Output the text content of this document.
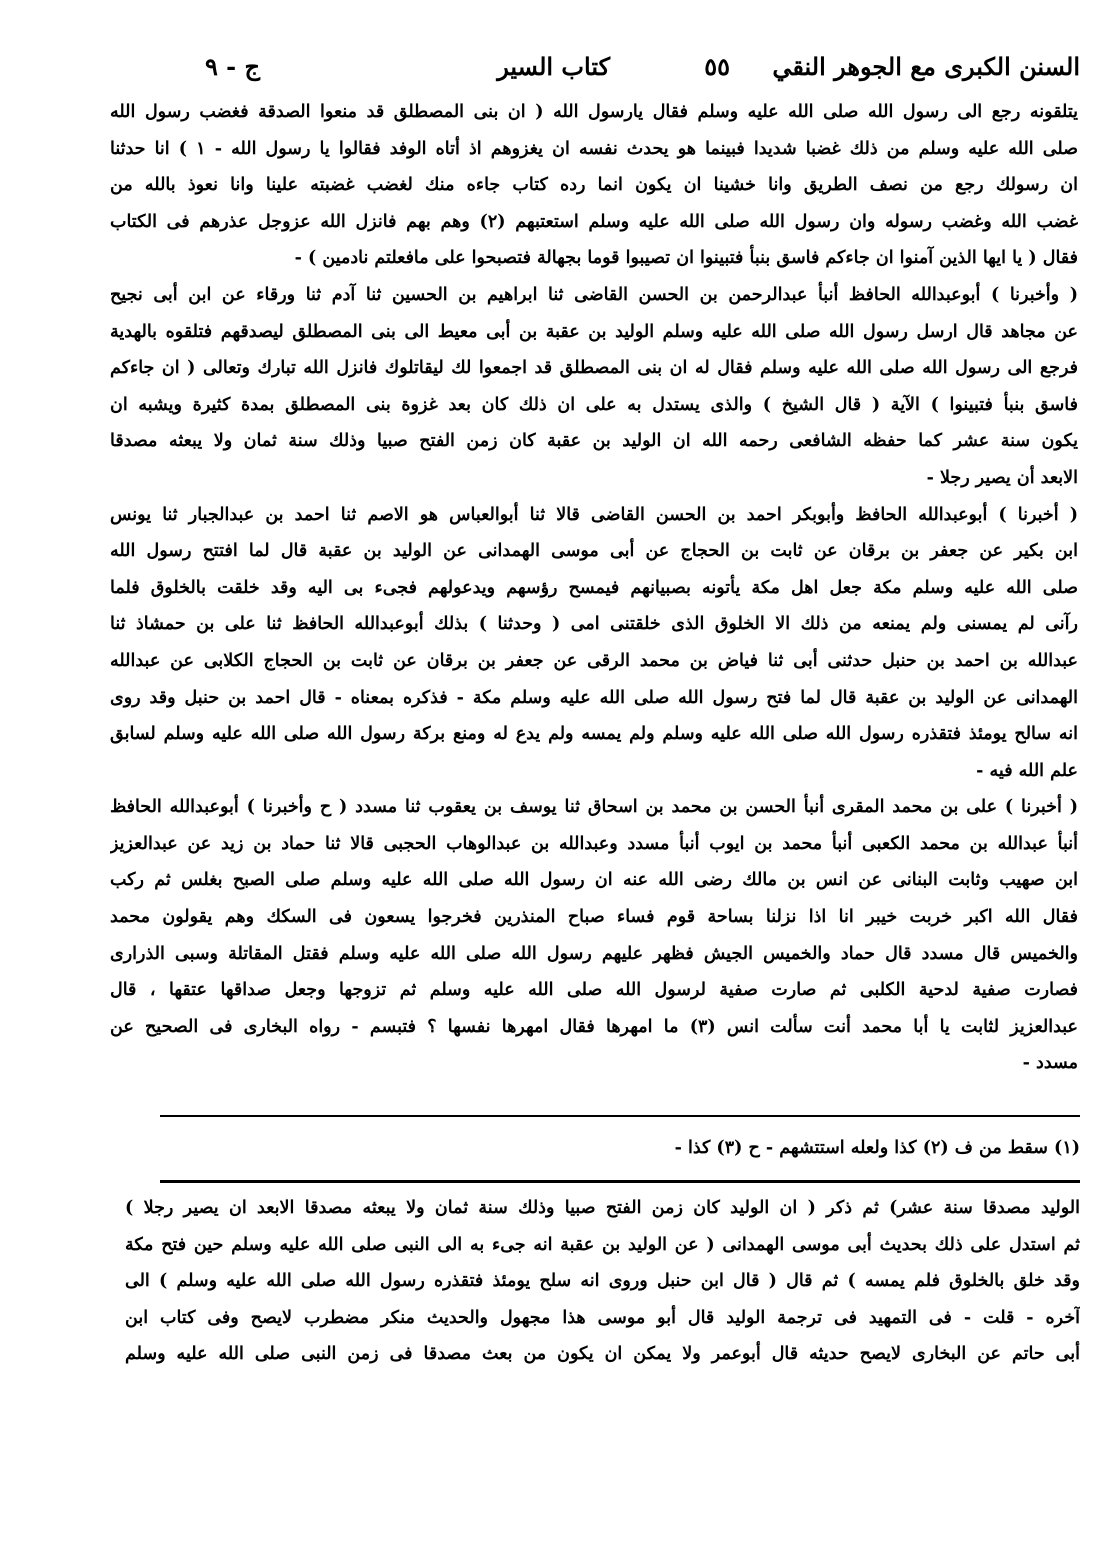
السنن الكبرى مع الجوهر النقي
٥٥
كتاب السير
ج - ٩
يتلقونه رجع الى رسول الله صلى الله عليه وسلم فقال يارسول الله ( ان بنى المصطلق قد منعوا الصدقة فغضب رسول الله
صلى الله عليه وسلم من ذلك غضبا شديدا فبينما هو يحدث نفسه ان يغزوهم اذ أتاه الوفد فقالوا يا رسول الله - ١ ) انا حدثنا
ان رسولك رجع من نصف الطريق وانا خشينا ان يكون انما رده كتاب جاءه منك لغضب غضبته علينا وانا نعوذ بالله من
غضب الله وغضب رسوله وان رسول الله صلى الله عليه وسلم استعتبهم (٢) وهم بهم فانزل الله عزوجل عذرهم فى الكتاب
فقال ( يا ايها الذين آمنوا ان جاءكم فاسق بنبأ فتبينوا ان تصيبوا قوما بجهالة فتصبحوا على مافعلتم نادمين ) -
( وأخبرنا ) أبوعبدالله الحافظ أنبأ عبدالرحمن بن الحسن القاضى ثنا ابراهيم بن الحسين ثنا آدم ثنا ورقاء عن ابن أبى نجيح
عن مجاهد قال ارسل رسول الله صلى الله عليه وسلم الوليد بن عقبة بن أبى معيط الى بنى المصطلق ليصدقهم فتلقوه بالهدية
فرجع الى رسول الله صلى الله عليه وسلم فقال له ان بنى المصطلق قد اجمعوا لك ليقاتلوك فانزل الله تبارك وتعالى ( ان جاءكم
فاسق بنبأ فتبينوا ) الآية ( قال الشيخ ) والذى يستدل به على ان ذلك كان بعد غزوة بنى المصطلق بمدة كثيرة ويشبه ان
يكون سنة عشر كما حفظه الشافعى رحمه الله ان الوليد بن عقبة كان زمن الفتح صبيا وذلك سنة ثمان ولا يبعثه مصدقا
الابعد أن يصير رجلا -
( أخبرنا ) أبوعبدالله الحافظ وأبوبكر احمد بن الحسن القاضى قالا ثنا أبوالعباس هو الاصم ثنا احمد بن عبدالجبار ثنا يونس
ابن بكير عن جعفر بن برقان عن ثابت بن الحجاج عن أبى موسى الهمدانى عن الوليد بن عقبة قال لما افتتح رسول الله
صلى الله عليه وسلم مكة جعل اهل مكة يأتونه بصبيانهم فيمسح رؤسهم ويدعولهم فجىء بى اليه وقد خلقت بالخلوق فلما
رآنى لم يمسنى ولم يمنعه من ذلك الا الخلوق الذى خلقتنى امى ( وحدثنا ) بذلك أبوعبدالله الحافظ ثنا على بن حمشاذ ثنا
عبدالله بن احمد بن حنبل حدثنى أبى ثنا فياض بن محمد الرقى عن جعفر بن برقان عن ثابت بن الحجاج الكلابى عن عبدالله
الهمدانى عن الوليد بن عقبة قال لما فتح رسول الله صلى الله عليه وسلم مكة - فذكره بمعناه - قال احمد بن حنبل وقد روى
انه سالح يومئذ فتقذره رسول الله صلى الله عليه وسلم ولم يمسه ولم يدع له ومنع بركة رسول الله صلى الله عليه وسلم لسابق
علم الله فيه -
( أخبرنا ) على بن محمد المقرى أنبأ الحسن بن محمد بن اسحاق ثنا يوسف بن يعقوب ثنا مسدد ( ح وأخبرنا ) أبوعبدالله الحافظ
أنبأ عبدالله بن محمد الكعبى أنبأ محمد بن ايوب أنبأ مسدد وعبدالله بن عبدالوهاب الحجبى قالا ثنا حماد بن زيد عن عبدالعزيز
ابن صهيب وثابت البنانى عن انس بن مالك رضى الله عنه ان رسول الله صلى الله عليه وسلم صلى الصبح بغلس ثم ركب
فقال الله اكبر خربت خيبر انا اذا نزلنا بساحة قوم فساء صباح المنذرين فخرجوا يسعون فى السكك وهم يقولون محمد
والخميس قال مسدد قال حماد والخميس الجيش فظهر عليهم رسول الله صلى الله عليه وسلم فقتل المقاتلة وسبى الذرارى
فصارت صفية لدحية الكلبى ثم صارت صفية لرسول الله صلى الله عليه وسلم ثم تزوجها وجعل صداقها عتقها ، قال
عبدالعزيز لثابت يا أبا محمد أنت سألت انس (٣) ما امهرها فقال امهرها نفسها ؟ فتبسم - رواه البخارى فى الصحيح عن
مسدد -
(١) سقط من ف (٢) كذا ولعله استتشهم - ح (٣) كذا -
الوليد مصدقا سنة عشر) ثم ذكر ( ان الوليد كان زمن الفتح صبيا وذلك سنة ثمان ولا يبعثه مصدقا الابعد ان يصير رجلا )
ثم استدل على ذلك بحديث أبى موسى الهمدانى ( عن الوليد بن عقبة انه جىء به الى النبى صلى الله عليه وسلم حين فتح مكة
وقد خلق بالخلوق فلم يمسه ) ثم قال ( قال ابن حنبل وروى انه سلح يومئذ فتقذره رسول الله صلى الله عليه وسلم ) الى
آخره - قلت - فى التمهيد فى ترجمة الوليد قال أبو موسى هذا مجهول والحديث منكر مضطرب لايصح وفى كتاب ابن
أبى حاتم عن البخارى لايصح حديثه قال أبوعمر ولا يمكن ان يكون من بعث مصدقا فى زمن النبى صلى الله عليه وسلم
